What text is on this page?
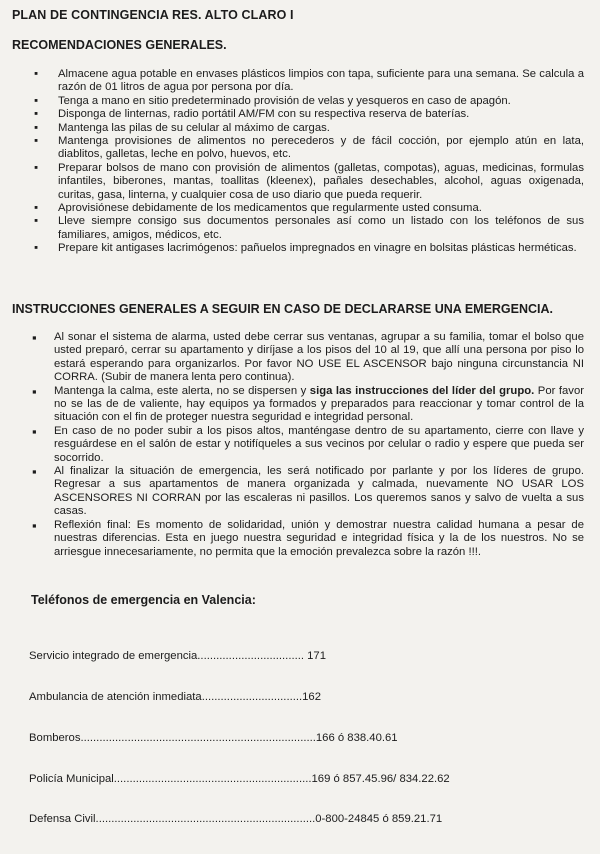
PLAN DE CONTINGENCIA RES. ALTO CLARO I
RECOMENDACIONES GENERALES.
▪ Almacene agua potable en envases plásticos limpios con tapa, suficiente para una semana. Se calcula a razón de 01 litros de agua por persona por día.
▪ Tenga a mano en sitio predeterminado provisión de velas y yesqueros en caso de apagón.
▪ Disponga de linternas, radio portátil AM/FM con su respectiva reserva de baterías.
▪ Mantenga las pilas de su celular al máximo de cargas.
▪ Mantenga provisiones de alimentos no perecederos y de fácil cocción, por ejemplo atún en lata, diablitos, galletas, leche en polvo, huevos, etc.
▪ Preparar bolsos de mano con provisión de alimentos (galletas, compotas), aguas, medicinas, formulas infantiles, biberones, mantas, toallitas (kleenex), pañales desechables, alcohol, aguas oxigenada, curitas, gasa, linterna, y cualquier cosa de uso diario que pueda requerir.
▪ Aprovisiónese debidamente de los medicamentos que regularmente usted consuma.
▪ Lleve siempre consigo sus documentos personales así como un listado con los teléfonos de sus familiares, amigos, médicos, etc.
▪ Prepare kit antigases lacrimógenos: pañuelos impregnados en vinagre en bolsitas plásticas herméticas.
INSTRUCCIONES GENERALES A SEGUIR EN CASO DE DECLARARSE UNA EMERGENCIA.
▪ Al sonar el sistema de alarma, usted debe cerrar sus ventanas, agrupar a su familia, tomar el bolso que usted preparó, cerrar su apartamento y diríjase a los pisos del 10 al 19, que allí una persona por piso lo estará esperando para organizarlos. Por favor NO USE EL ASCENSOR bajo ninguna circunstancia NI CORRA. (Subir de manera lenta pero continua).
▪ Mantenga la calma, este alerta, no se dispersen y siga las instrucciones del líder del grupo. Por favor no se las de de valiente, hay equipos ya formados y preparados para reaccionar y tomar control de la situación con el fin de proteger nuestra seguridad e integridad personal.
▪ En caso de no poder subir a los pisos altos, manténgase dentro de su apartamento, cierre con llave y resguárdese en el salón de estar y notifíqueles a sus vecinos por celular o radio y espere que pueda ser socorrido.
▪ Al finalizar la situación de emergencia, les será notificado por parlante y por los líderes de grupo. Regresar a sus apartamentos de manera organizada y calmada, nuevamente NO USAR LOS ASCENSORES NI CORRAN por las escaleras ni pasillos. Los queremos sanos y salvo de vuelta a sus casas.
▪ Reflexión final: Es momento de solidaridad, unión y demostrar nuestra calidad humana a pesar de nuestras diferencias. Esta en juego nuestra seguridad e integridad física y la de los nuestros. No se arriesgue innecesariamente, no permita que la emoción prevalezca sobre la razón !!!.
Teléfonos de emergencia en Valencia:

Servicio integrado de emergencia.................................. 171

Ambulancia de atención inmediata................................162

Bomberos...........................................................................166 ó 838.40.61

Policía Municipal...............................................................169 ó 857.45.96/ 834.22.62

Defensa Civil......................................................................0-800-24845 ó 859.21.71
